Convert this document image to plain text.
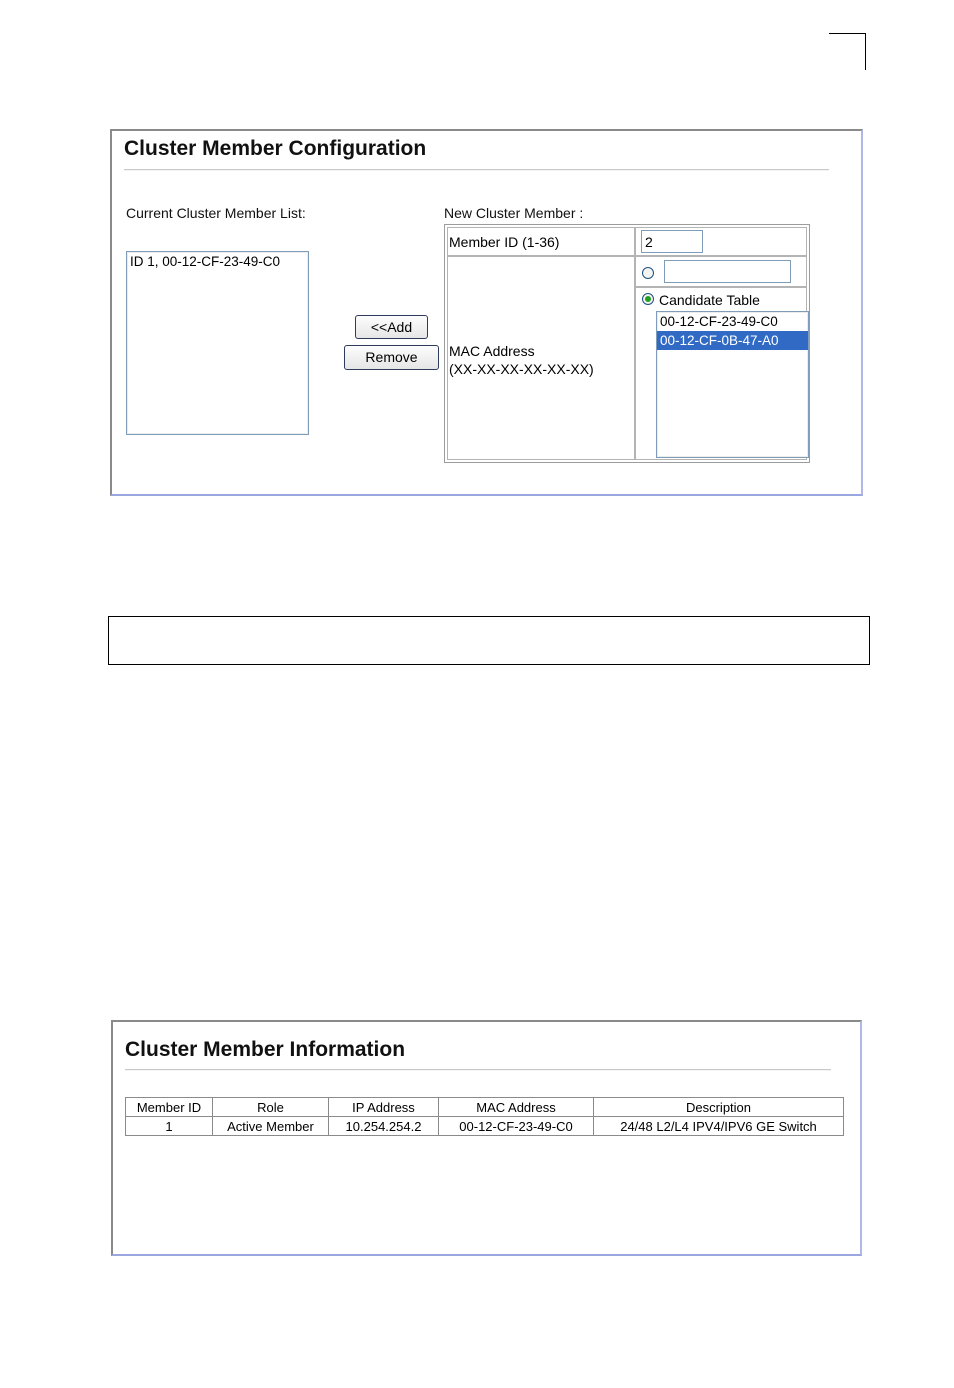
Cluster Member Configuration
Current Cluster Member List:
ID 1, 00-12-CF-23-49-C0
<<Add
Remove
New Cluster Member :
Member ID (1-36)
2
MAC Address
(XX-XX-XX-XX-XX-XX)
Candidate Table
00-12-CF-23-49-C0
00-12-CF-0B-47-A0
Cluster Member Information
Member ID	Role	IP Address	MAC Address	Description
1	Active Member	10.254.254.2	00-12-CF-23-49-C0	24/48 L2/L4 IPV4/IPV6 GE Switch
